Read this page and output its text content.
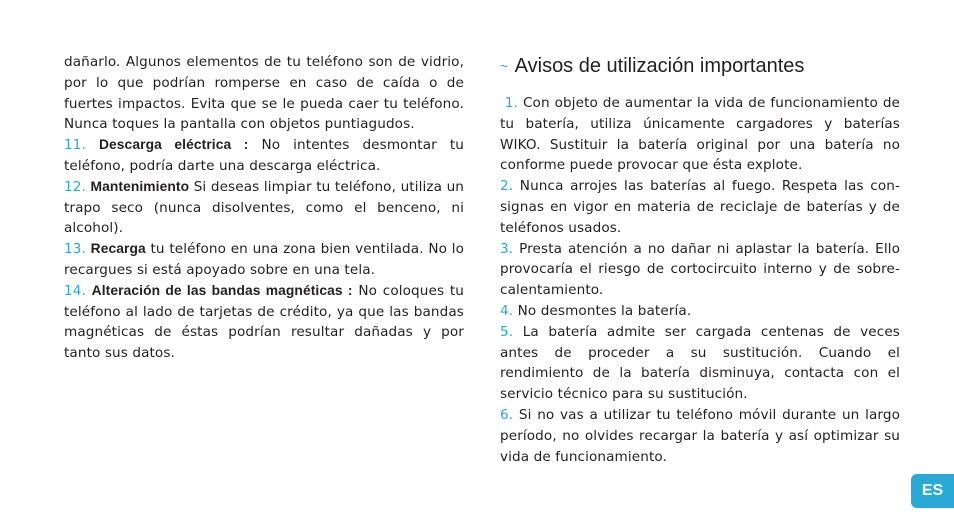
dañarlo. Algunos elementos de tu teléfono son de vidrio, por lo que podrían romperse en caso de caída o de fuertes impactos. Evita que se le pueda caer tu teléfono. Nunca toques la pantalla con objetos puntiagudos.

11. Descarga eléctrica : No intentes desmontar tu teléfono, podría darte una descarga eléctrica.

12. Mantenimiento Si deseas limpiar tu teléfono, utiliza un trapo seco (nunca disolventes, como el benceno, ni alcohol).

13. Recarga tu teléfono en una zona bien ventilada. No lo recargues si está apoyado sobre en una tela.

14. Alteración de las bandas magnéticas : No coloques tu teléfono al lado de tarjetas de crédito, ya que las bandas magnéticas de éstas podrían resultar dañadas y por tanto sus datos.

~ Avisos de utilización importantes

1. Con objeto de aumentar la vida de funcionamiento de tu batería, utiliza únicamente cargadores y baterías WIKO. Sustituir la batería original por una batería no conforme puede provocar que ésta explote.

2. Nunca arrojes las baterías al fuego. Respeta las con-signas en vigor en materia de reciclaje de baterías y de teléfonos usados.

3. Presta atención a no dañar ni aplastar la batería. Ello provocaría el riesgo de cortocircuito interno y de sobre-calentamiento.

4. No desmontes la batería.

5. La batería admite ser cargada centenas de veces antes de proceder a su sustitución. Cuando el rendimiento de la batería disminuya, contacta con el servicio técnico para su sustitución.

6. Si no vas a utilizar tu teléfono móvil durante un largo período, no olvides recargar la batería y así optimizar su vida de funcionamiento.

ES
